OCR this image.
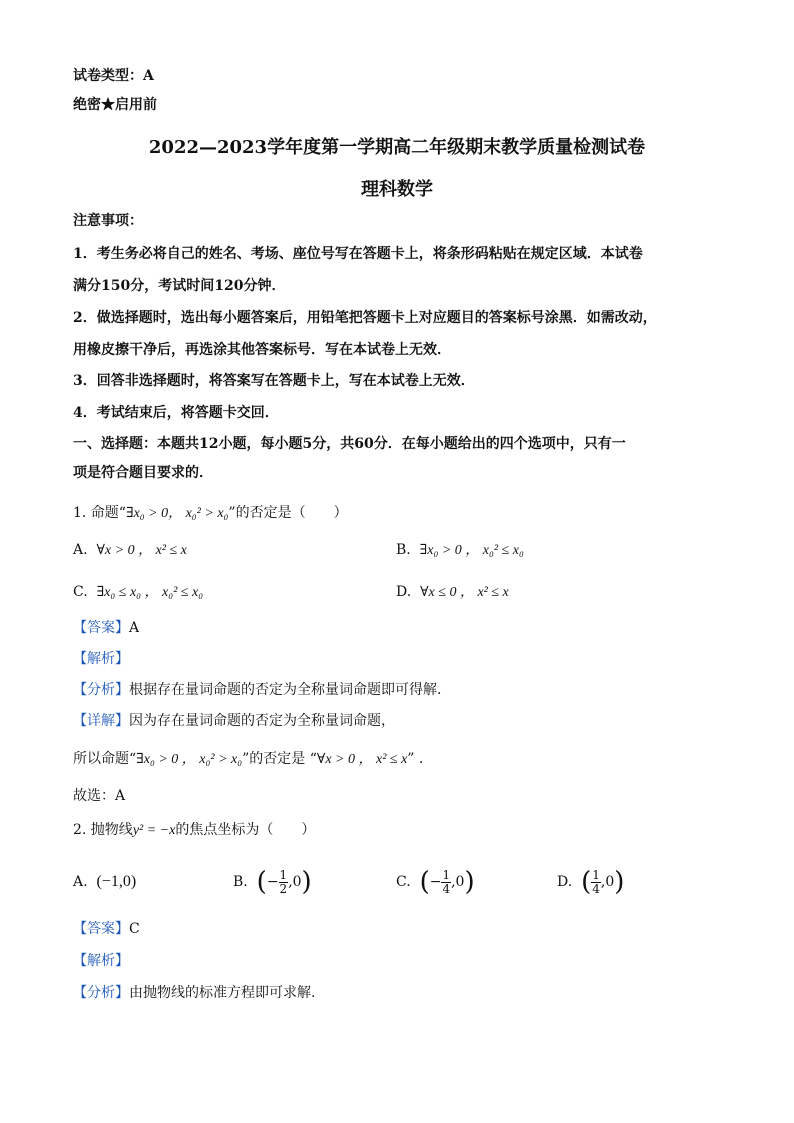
试卷类型：A
绝密★启用前
2022—2023学年度第一学期高二年级期末教学质量检测试卷
理科数学
注意事项：
1．考生务必将自己的姓名、考场、座位号写在答题卡上，将条形码粘贴在规定区域．本试卷
满分150分，考试时间120分钟．
2．做选择题时，选出每小题答案后，用铅笔把答题卡上对应题目的答案标号涂黑．如需改动，
用橡皮擦干净后，再选涂其他答案标号．写在本试卷上无效．
3．回答非选择题时，将答案写在答题卡上，写在本试卷上无效．
4．考试结束后，将答题卡交回．
一、选择题：本题共12小题，每小题5分，共60分．在每小题给出的四个选项中，只有一
项是符合题目要求的．
1. 命题“∃x₀ > 0， x₀² > x₀”的否定是（　　）
A. ∀x > 0 ， x² ≤ x	B. ∃x₀ > 0 ， x₀² ≤ x₀
C. ∃x₀ ≤ x₀ ， x₀² ≤ x₀	D. ∀x ≤ 0 ， x² ≤ x
【答案】A
【解析】
【分析】根据存在量词命题的否定为全称量词命题即可得解.
【详解】因为存在量词命题的否定为全称量词命题，
所以命题“∃x₀ > 0 ， x₀² > x₀”的否定是 “∀x > 0 ， x² ≤ x” .
故选：A
2. 抛物线y² = −x的焦点坐标为（　　）
A. (−1,0)	B. (− $\frac{1}{2} ,0$)	C. (− $\frac{1}{4} ,0$)	D. ( $\frac{1}{4} ,0$)
【答案】C
【解析】
【分析】由抛物线的标准方程即可求解.
